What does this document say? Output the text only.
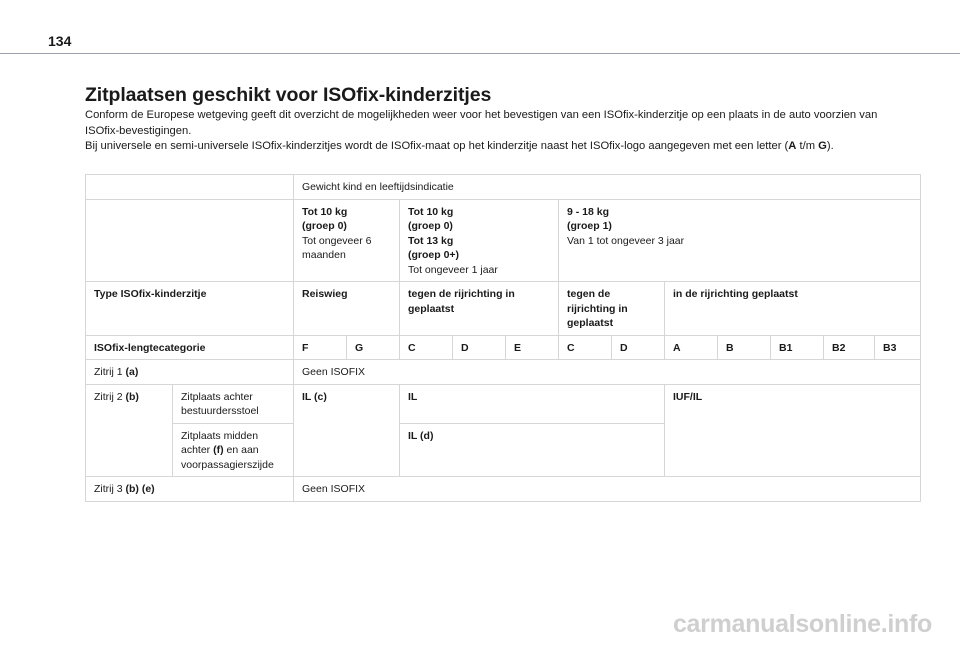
134
Zitplaatsen geschikt voor ISOfix-kinderzitjes

Conform de Europese wetgeving geeft dit overzicht de mogelijkheden weer voor het bevestigen van een ISOfix-kinderzitje op een plaats in de auto voorzien van ISOfix-bevestigingen.

Bij universele en semi-universele ISOfix-kinderzitjes wordt de ISOfix-maat op het kinderzitje naast het ISOfix-logo aangegeven met een letter (A t/m G).

		Gewicht kind en leeftijdsindicatie											

		Tot 10 kg
(groep 0)
Tot ongeveer 6 maanden		Tot 10 kg
(groep 0)
Tot 13 kg
(groep 0+)
Tot ongeveer 1 jaar			9 - 18 kg
(groep 1)
Van 1 tot ongeveer 3 jaar						

Type ISOfix-kinderzitje		Reiswieg		tegen de rijrichting in geplaatst			tegen de rijrichting in geplaatst		in de rijrichting geplaatst				
ISOfix-lengtecategorie		F	G	C	D	E	C	D	A	B	B1	B2	B3
Zitrij 1 (a)		Geen ISOFIX											
Zitrij 2 (b)	Zitplaats achter bestuurdersstoel	IL (c)		IL					IUF/IL				
	Zitplaats midden achter (f) en aan voorpassagierszijde			IL (d)									
Zitrij 3 (b) (e)		Geen ISOFIX											
carmanualsonline.info
